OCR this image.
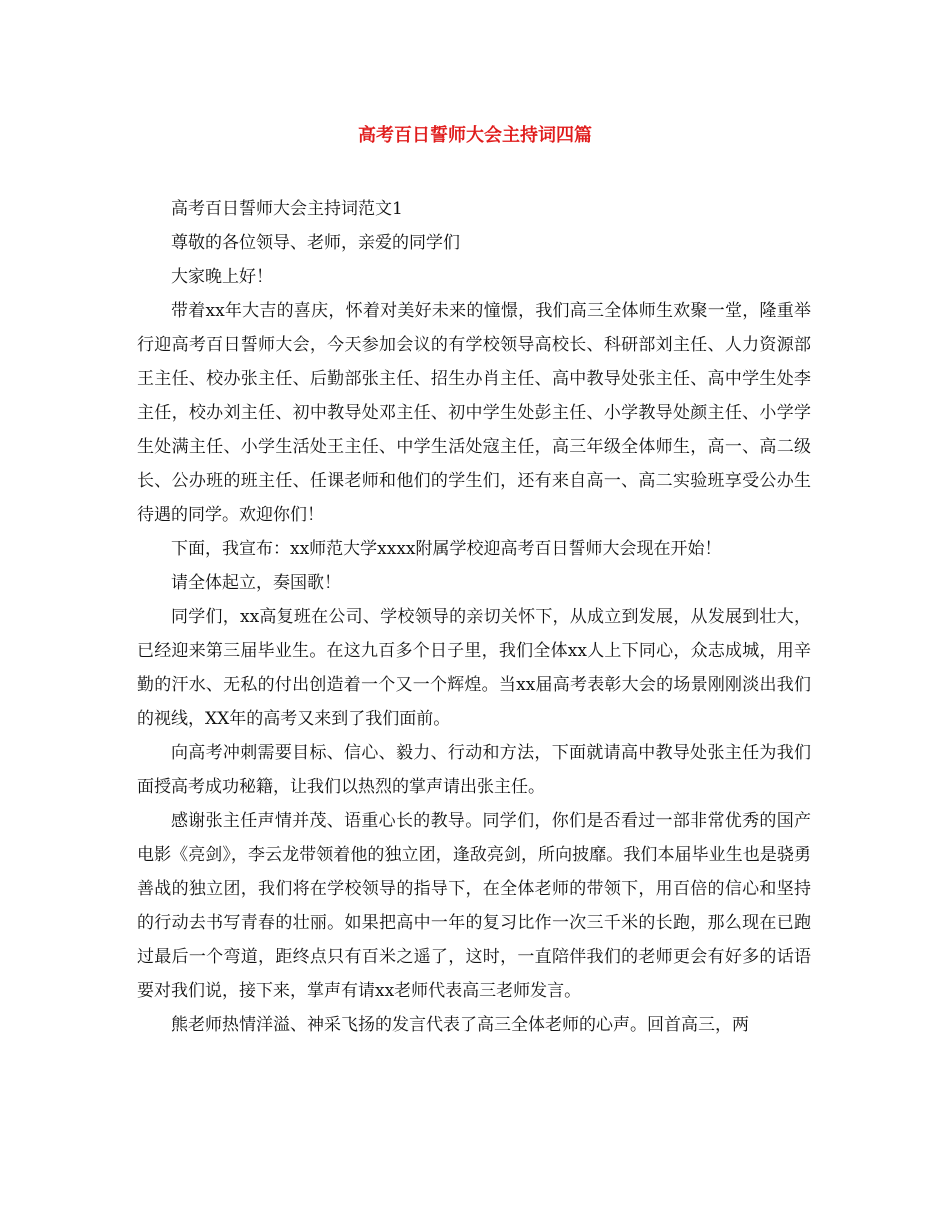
高考百日誓师大会主持词四篇

高考百日誓师大会主持词范文1

尊敬的各位领导、老师，亲爱的同学们

大家晚上好！

带着xx年大吉的喜庆，怀着对美好未来的憧憬，我们高三全体师生欢聚一堂，隆重举行迎高考百日誓师大会，今天参加会议的有学校领导高校长、科研部刘主任、人力资源部王主任、校办张主任、后勤部张主任、招生办肖主任、高中教导处张主任、高中学生处李主任，校办刘主任、初中教导处邓主任、初中学生处彭主任、小学教导处颜主任、小学学生处满主任、小学生活处王主任、中学生活处寇主任，高三年级全体师生，高一、高二级长、公办班的班主任、任课老师和他们的学生们，还有来自高一、高二实验班享受公办生待遇的同学。欢迎你们！

下面，我宣布：xx师范大学xxxx附属学校迎高考百日誓师大会现在开始！

请全体起立，奏国歌！

同学们，xx高复班在公司、学校领导的亲切关怀下，从成立到发展，从发展到壮大，已经迎来第三届毕业生。在这九百多个日子里，我们全体xx人上下同心，众志成城，用辛勤的汗水、无私的付出创造着一个又一个辉煌。当xx届高考表彰大会的场景刚刚淡出我们的视线，XX年的高考又来到了我们面前。

向高考冲刺需要目标、信心、毅力、行动和方法，下面就请高中教导处张主任为我们面授高考成功秘籍，让我们以热烈的掌声请出张主任。

感谢张主任声情并茂、语重心长的教导。同学们，你们是否看过一部非常优秀的国产电影《亮剑》，李云龙带领着他的独立团，逢敌亮剑，所向披靡。我们本届毕业生也是骁勇善战的独立团，我们将在学校领导的指导下，在全体老师的带领下，用百倍的信心和坚持的行动去书写青春的壮丽。如果把高中一年的复习比作一次三千米的长跑，那么现在已跑过最后一个弯道，距终点只有百米之遥了，这时，一直陪伴我们的老师更会有好多的话语要对我们说，接下来，掌声有请xx老师代表高三老师发言。

熊老师热情洋溢、神采飞扬的发言代表了高三全体老师的心声。回首高三，两
